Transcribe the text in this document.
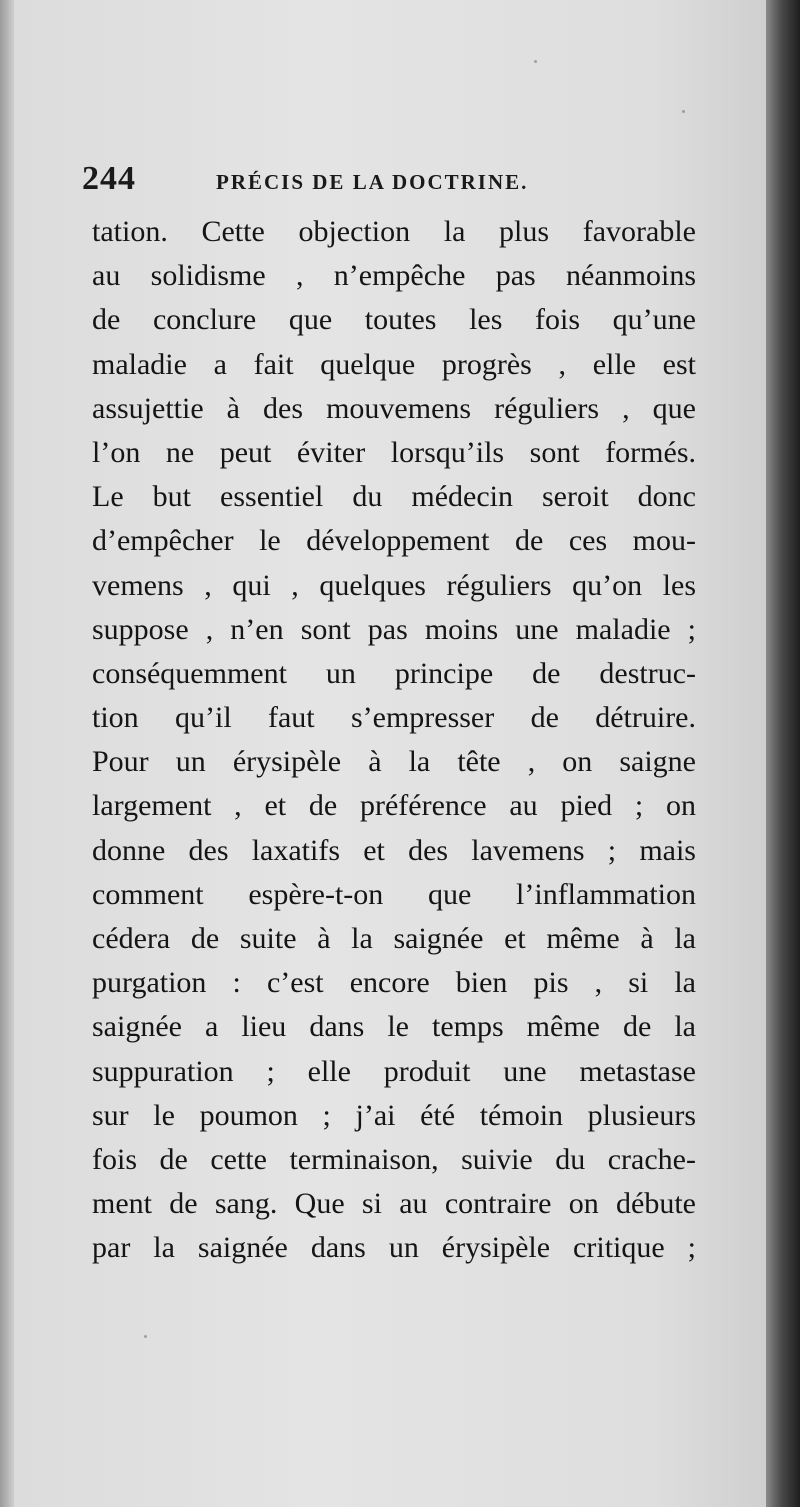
244	PRÉCIS DE LA DOCTRINE.
tation. Cette objection la plus favorable
au solidisme , n’empêche pas néanmoins
de conclure que toutes les fois qu’une
maladie a fait quelque progrès , elle est
assujettie à des mouvemens réguliers , que
l’on ne peut éviter lorsqu’ils sont formés.
Le but essentiel du médecin seroit donc
d’empêcher le développement de ces mou-
vemens , qui , quelques réguliers qu’on les
suppose , n’en sont pas moins une maladie ;
conséquemment un principe de destruc-
tion qu’il faut s’empresser de détruire.
Pour un érysipèle à la tête , on saigne
largement , et de préférence au pied ; on
donne des laxatifs et des lavemens ; mais
comment espère-t-on que l’inflammation
cédera de suite à la saignée et même à la
purgation : c’est encore bien pis , si la
saignée a lieu dans le temps même de la
suppuration ; elle produit une metastase
sur le poumon ; j’ai été témoin plusieurs
fois de cette terminaison, suivie du crache-
ment de sang. Que si au contraire on débute
par la saignée dans un érysipèle critique ;
